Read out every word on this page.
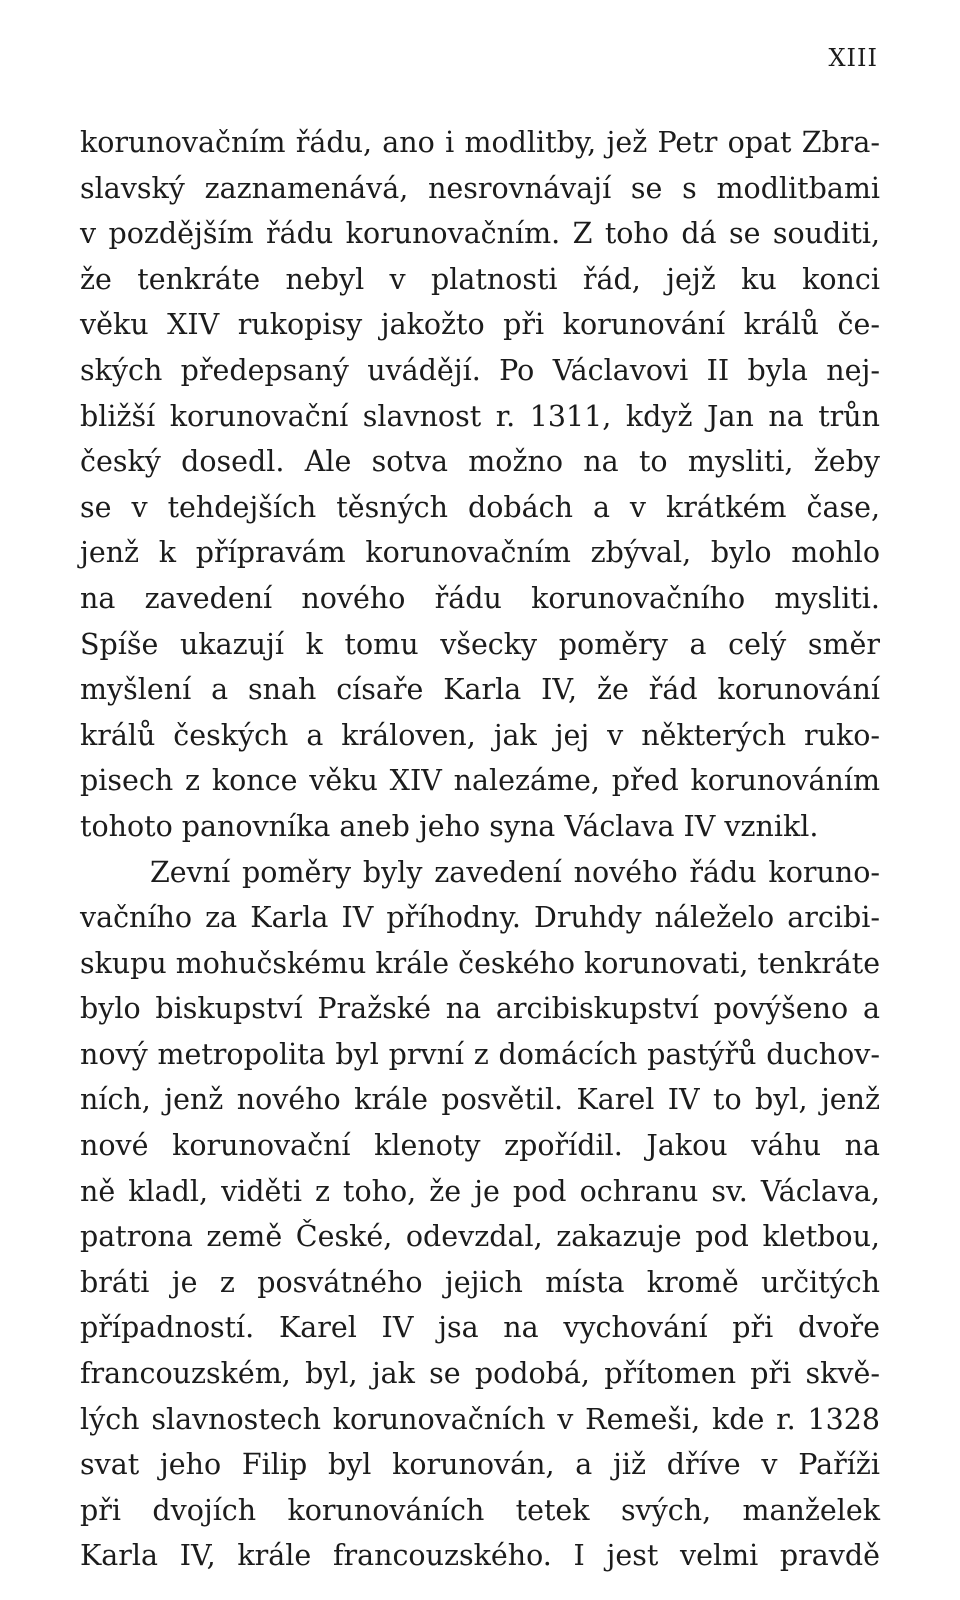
XIII
korunovačním řádu, ano i modlitby, jež Petr opat Zbra-
slavský zaznamenává, nesrovnávají se s modlitbami
v pozdějším řádu korunovačním. Z toho dá se souditi,
že tenkráte nebyl v platnosti řád, jejž ku konci
věku XIV rukopisy jakožto při korunování králů če-
ských předepsaný uvádějí. Po Václavovi II byla nej-
bližší korunovační slavnost r. 1311, když Jan na trůn
český dosedl. Ale sotva možno na to mysliti, žeby
se v tehdejších těsných dobách a v krátkém čase,
jenž k přípravám korunovačním zbýval, bylo mohlo
na zavedení nového řádu korunovačního mysliti.
Spíše ukazují k tomu všecky poměry a celý směr
myšlení a snah císaře Karla IV, že řád korunování
králů českých a královen, jak jej v některých ruko-
pisech z konce věku XIV nalezáme, před korunováním
tohoto panovníka aneb jeho syna Václava IV vznikl.
Zevní poměry byly zavedení nového řádu koruno-
vačního za Karla IV příhodny. Druhdy náleželo arcibi-
skupu mohučskému krále českého korunovati, tenkráte
bylo biskupství Pražské na arcibiskupství povýšeno a
nový metropolita byl první z domácích pastýřů duchov-
ních, jenž nového krále posvětil. Karel IV to byl, jenž
nové korunovační klenoty zpořídil. Jakou váhu na
ně kladl, viděti z toho, že je pod ochranu sv. Václava,
patrona země České, odevzdal, zakazuje pod kletbou,
bráti je z posvátného jejich místa kromě určitých
případností. Karel IV jsa na vychování při dvoře
francouzském, byl, jak se podobá, přítomen při skvě-
lých slavnostech korunovačních v Remeši, kde r. 1328
svat jeho Filip byl korunován, a již dříve v Paříži
při dvojích korunováních tetek svých, manželek
Karla IV, krále francouzského. I jest velmi pravdě
